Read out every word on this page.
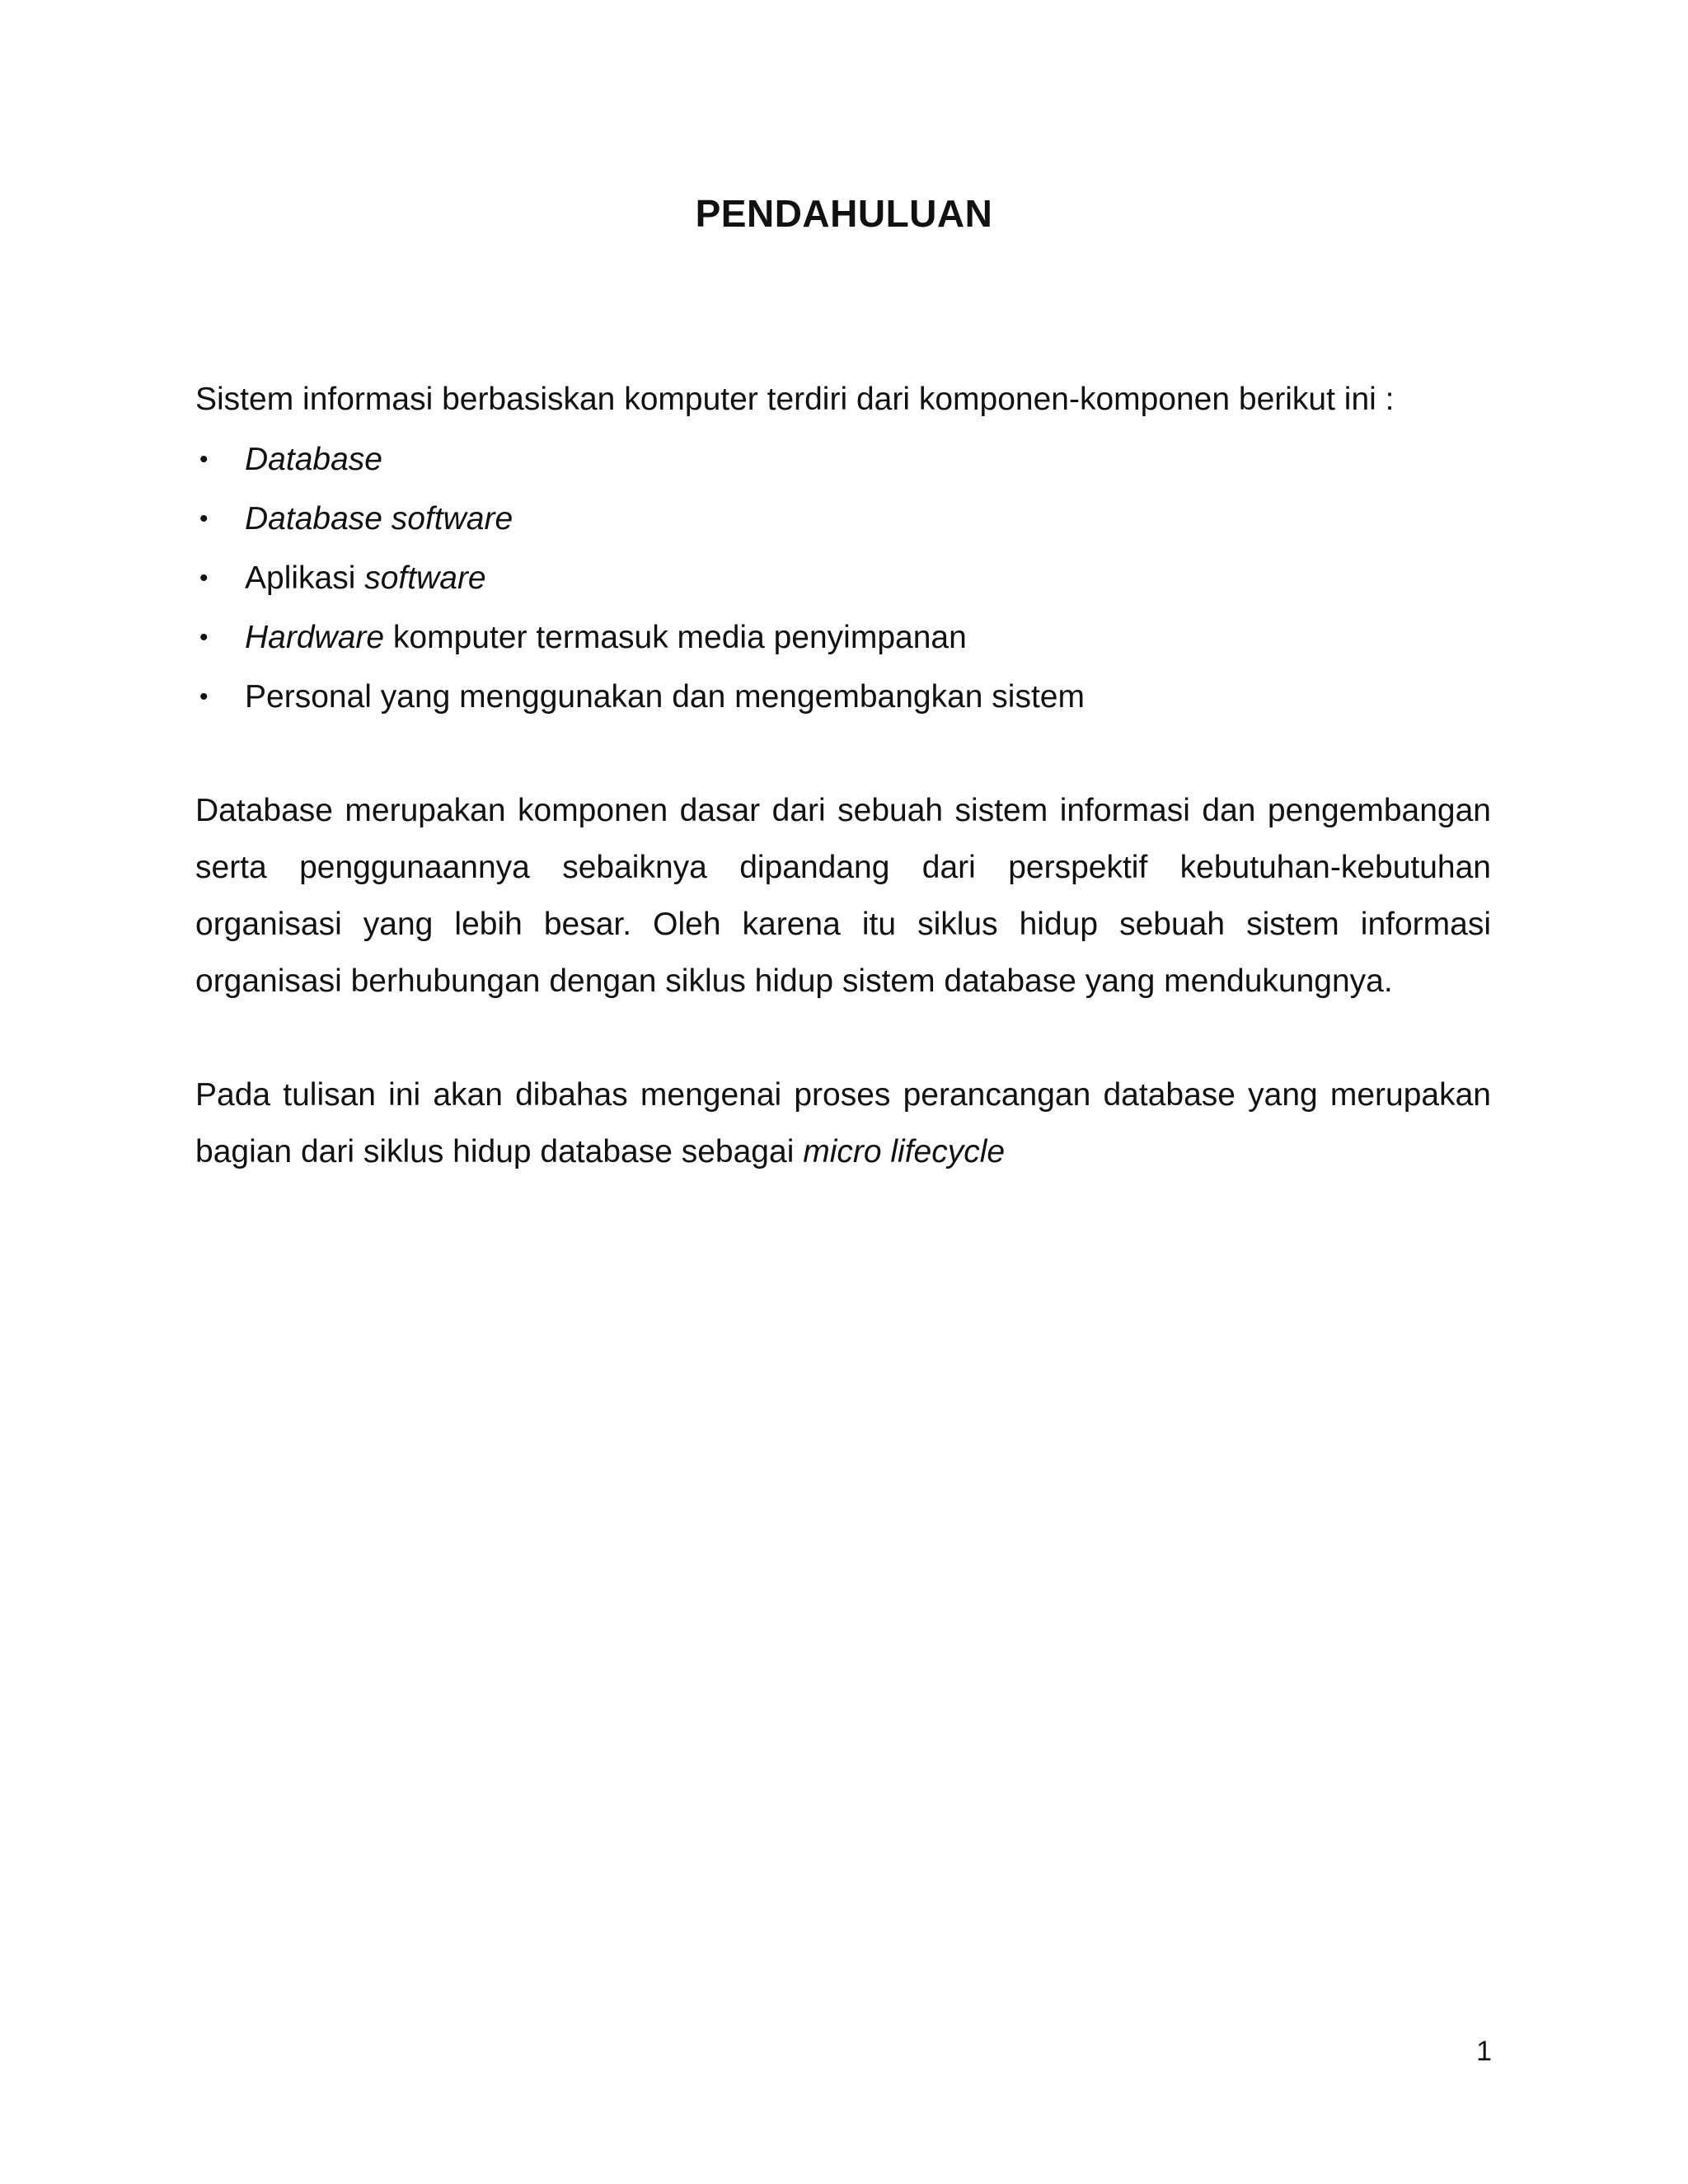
PENDAHULUAN

Sistem informasi berbasiskan komputer terdiri dari komponen-komponen berikut ini :

• Database
• Database software
• Aplikasi software
• Hardware komputer termasuk media penyimpanan
• Personal yang menggunakan dan mengembangkan sistem

Database merupakan komponen dasar dari sebuah sistem informasi dan pengembangan serta penggunaannya sebaiknya dipandang dari perspektif kebutuhan-kebutuhan organisasi yang lebih besar. Oleh karena itu siklus hidup sebuah sistem informasi organisasi berhubungan dengan siklus hidup sistem database yang mendukungnya.

Pada tulisan ini akan dibahas mengenai proses perancangan database yang merupakan bagian dari siklus hidup database sebagai micro lifecycle

1
